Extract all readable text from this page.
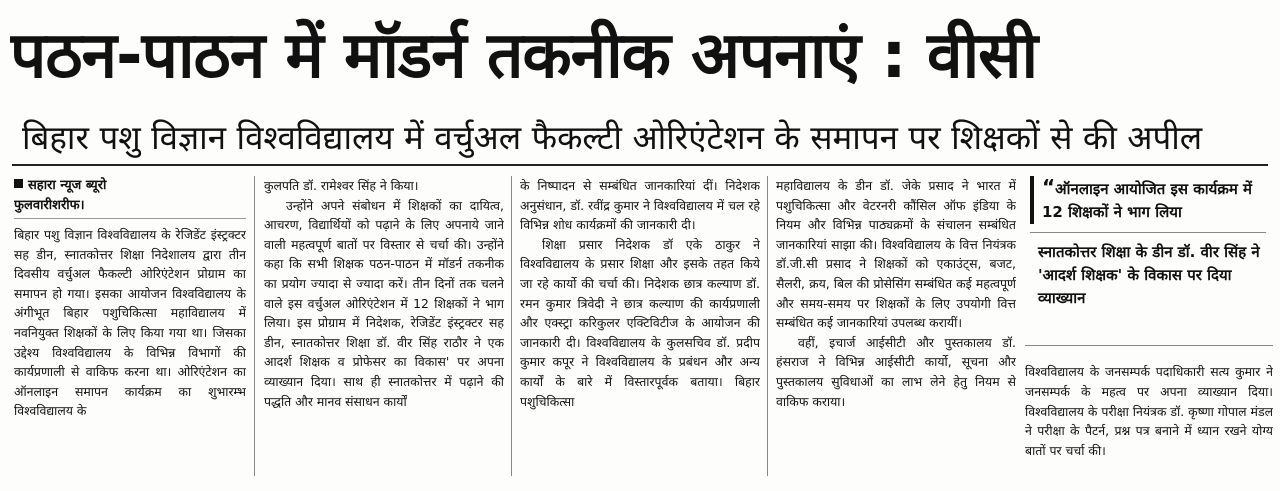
पठन-पाठन में मॉडर्न तकनीक अपनाएं : वीसी
बिहार पशु विज्ञान विश्वविद्यालय में वर्चुअल फैकल्टी ओरिएंटेशन के समापन पर शिक्षकों से की अपील
सहारा न्यूज ब्यूरो
फुलवारीशरीफ।

बिहार पशु विज्ञान विश्वविद्यालय के रेजिडेंट इंस्ट्रक्टर सह डीन, स्नातकोत्तर शिक्षा निदेशालय द्वारा तीन दिवसीय वर्चुअल फैकल्टी ओरिएंटेशन प्रोग्राम का समापन हो गया। इसका आयोजन विश्वविद्यालय के अंगीभूत बिहार पशुचिकित्सा महाविद्यालय में नवनियुक्त शिक्षकों के लिए किया गया था। जिसका उद्देश्य विश्वविद्यालय के विभिन्न विभागों की कार्यप्रणाली से वाकिफ करना था। ओरिएंटेशन का ऑनलाइन समापन कार्यक्रम का शुभारम्भ विश्वविद्यालय के

कुलपति डॉ. रामेश्वर सिंह ने किया।

उन्होंने अपने संबोधन में शिक्षकों का दायित्व, आचरण, विद्यार्थियों को पढ़ाने के लिए अपनाये जाने वाली महत्वपूर्ण बातों पर विस्तार से चर्चा की। उन्होंने कहा कि सभी शिक्षक पठन-पाठन में मॉडर्न तकनीक का प्रयोग ज्यादा से ज्यादा करें। तीन दिनों तक चलने वाले इस वर्चुअल ओरिएंटेशन में 12 शिक्षकों ने भाग लिया। इस प्रोग्राम में निदेशक, रेजिडेंट इंस्ट्रक्टर सह डीन, स्नातकोत्तर शिक्षा डॉ. वीर सिंह राठौर ने एक आदर्श शिक्षक व प्रोफेसर का विकास' पर अपना व्याख्यान दिया। साथ ही स्नातकोत्तर में पढ़ाने की पद्धति और मानव संसाधन कार्यों

के निष्पादन से सम्बंधित जानकारियां दीं। निदेशक अनुसंधान, डॉ. रवींद्र कुमार ने विश्वविद्यालय में चल रहे विभिन्न शोध कार्यक्रमों की जानकारी दी।

शिक्षा प्रसार निदेशक डॉ एके ठाकुर ने विश्वविद्यालय के प्रसार शिक्षा और इसके तहत किये जा रहे कार्यो की चर्चा की। निदेशक छात्र कल्याण डॉ. रमन कुमार त्रिवेदी ने छात्र कल्याण की कार्यप्रणाली और एक्स्ट्रा करिकुलर एक्टिविटीज के आयोजन की जानकारी दी। विश्वविद्यालय के कुलसचिव डॉ. प्रदीप कुमार कपूर ने विश्वविद्यालय के प्रबंधन और अन्य कार्यों के बारे में विस्तारपूर्वक बताया। बिहार पशुचिकित्सा

महाविद्यालय के डीन डॉ. जेके प्रसाद ने भारत में पशुचिकित्सा और वेटरनरी कौंसिल ऑफ इंडिया के नियम और विभिन्न पाठ्यक्रमों के संचालन सम्बंधित जानकारियां साझा की। विश्वविद्यालय के वित्त नियंत्रक डॉ.जी.सी प्रसाद ने शिक्षकों को एकाउंट्स, बजट, सैलरी, क्रय, बिल की प्रोसेसिंग सम्बंधित कई महत्वपूर्ण और समय-समय पर शिक्षकों के लिए उपयोगी वित्त सम्बंधित कई जानकारियां उपलब्ध करायीं।

वहीं, इचार्ज आईसीटी और पुस्तकालय डॉ. हंसराज ने विभिन्न आईसीटी कार्यो, सूचना और पुस्तकालय सुविधाओं का लाभ लेने हेतु नियम से वाकिफ कराया।

“ऑनलाइन आयोजित इस कार्यक्रम में 12 शिक्षकों ने भाग लिया
स्नातकोत्तर शिक्षा के डीन डॉ. वीर सिंह ने 'आदर्श शिक्षक' के विकास पर दिया व्याख्यान

विश्वविद्यालय के जनसम्पर्क पदाधिकारी सत्य कुमार ने जनसम्पर्क के महत्व पर अपना व्याख्यान दिया। विश्वविद्यालय के परीक्षा नियंत्रक डॉ. कृष्णा गोपाल मंडल ने परीक्षा के पैटर्न, प्रश्न पत्र बनाने में ध्यान रखने योग्य बातों पर चर्चा की।
